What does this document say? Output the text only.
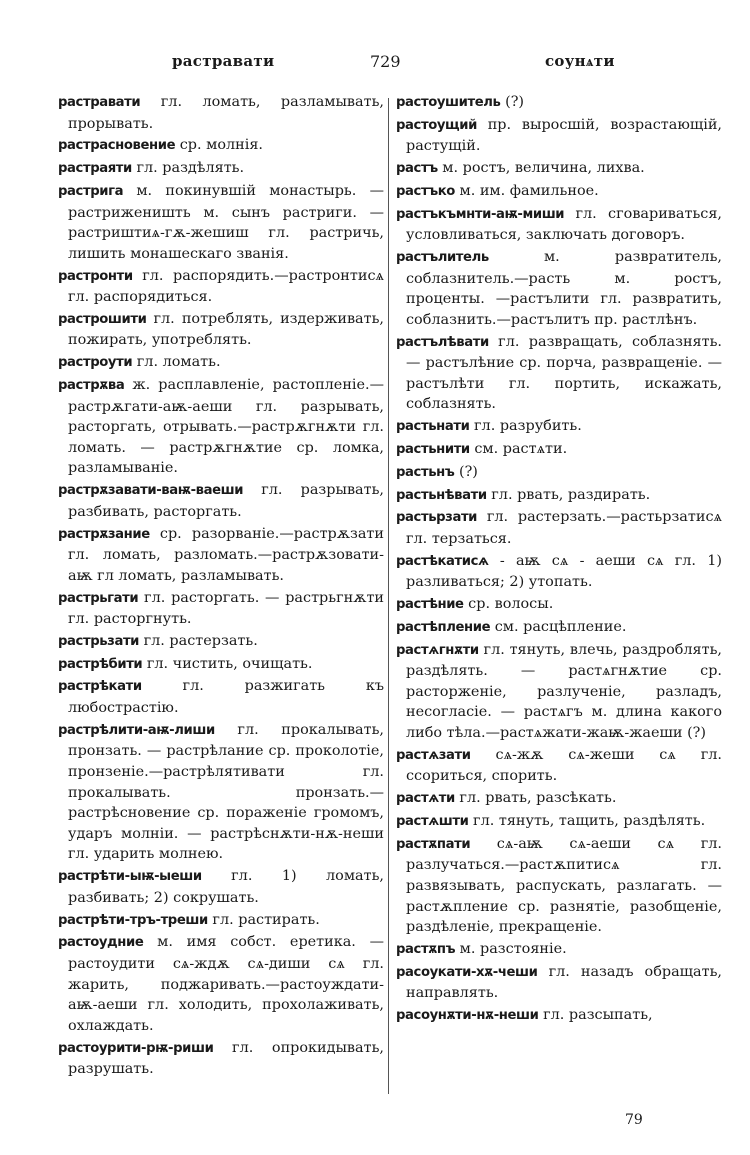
растравати	729	соунѧти

растравати гл. ломать, разламывать, прорывать.

растрасновение ср. молнія.

растраяти гл. раздѣлять.

растрига м. покинувшій монастырь. —растриженишть м. сынъ растриги. —растриштиѧ-гѫ-жешиш гл. растричь, лишить монашескаго званія.

растронти гл. распорядить.—растронтисѧ гл. распорядиться.

растрошити гл. потреблять, издерживать, пожирать, употреблять.

растроути гл. ломать.

растрѫва ж. расплавленіе, растопленіе.—растрѫгати-аѭ-аеши гл. разрывать, расторгать, отрывать.—растрѫгнѫти гл. ломать. — растрѫгнѫтие ср. ломка, разламываніе.

растрѫзавати-ваѭ-ваеши гл. разрывать, разбивать, расторгать.

растрѫзание ср. разорваніе.—растрѫзати гл. ломать, разломать.—растрѫзовати-аѭ гл ломать, разламывать.

растрьгати гл. расторгать. — растрьгнѫти гл. расторгнуть.

растрьзати гл. растерзать.

растрѣбити гл. чистить, очищать.

растрѣкати гл. разжигать къ любострастію.

растрѣлити-аѭ-лиши гл. прокалывать, пронзать. — растрѣлание ср. проколотіе, пронзеніе.—растрѣлятивати гл. прокалывать. пронзать.—растрѣсновение ср. пораженіе громомъ, ударъ молніи. — растрѣснѫти-нѫ-неши гл. ударить молнею.

растрѣти-ыѭ-ыеши гл. 1) ломать, разбивать; 2) сокрушать.

растрѣти-тръ-треши гл. растирать.

растоудние м. имя собст. еретика. — растоудити сѧ-ждѫ сѧ-диши сѧ гл. жарить, поджаривать.—растоуждати-аѭ-аеши гл. холодить, прохолаживать, охлаждать.

растоурити-рѭ-риши гл. опрокидывать, разрушать.

растоушитель (?)

растоущий пр. выросшій, возрастающій, растущій.

растъ м. ростъ, величина, лихва.

растъко м. им. фамильное.

растъкъмнти-аѭ-миши гл. сговариваться, условливаться, заключать договоръ.

растълитель м. развратитель, соблазнитель.—расть м. ростъ, проценты. —растълити гл. развратить, соблазнить.—растълитъ пр. растлѣнъ.

растълѣвати гл. развращать, соблазнять. — растълѣние ср. порча, развращеніе. — растълѣти гл. портить, искажать, соблазнять.

растьнати гл. разрубить.

растьнити см. растѧти.

растьнъ (?)

растьнѣвати гл. рвать, раздирать.

растьрзати гл. растерзать.—растьрзатисѧ гл. терзаться.

растѣкатисѧ - аѭ сѧ - аеши сѧ гл. 1) разливаться; 2) утопать.

растѣние ср. волосы.

растѣпление см. расцѣпление.

растѧгнѫти гл. тянуть, влечь, раздроблять, раздѣлять. — растѧгнѫтие ср. расторженіе, разлученіе, разладъ, несогласіе. — растѧгъ м. длина какого либо тѣла.—растѧжати-жаѭ-жаеши (?)

растѧзати сѧ-жѫ сѧ-жеши сѧ гл. ссориться, спорить.

растѧти гл. рвать, разсѣкать.

растѧшти гл. тянуть, тащить, раздѣлять.

растѫпати сѧ-аѭ сѧ-аеши сѧ гл. разлучаться.—растѫпитисѧ гл. развязывать, распускать, разлагать. — растѫпление ср. разнятіе, разобщеніе, раздѣленіе, прекращеніе.

растѫпъ м. разстояніе.

расоукати-хѫ-чеши гл. назадъ обращать, направлять.

расоунѫти-нѫ-неши гл. разсыпать,

79
